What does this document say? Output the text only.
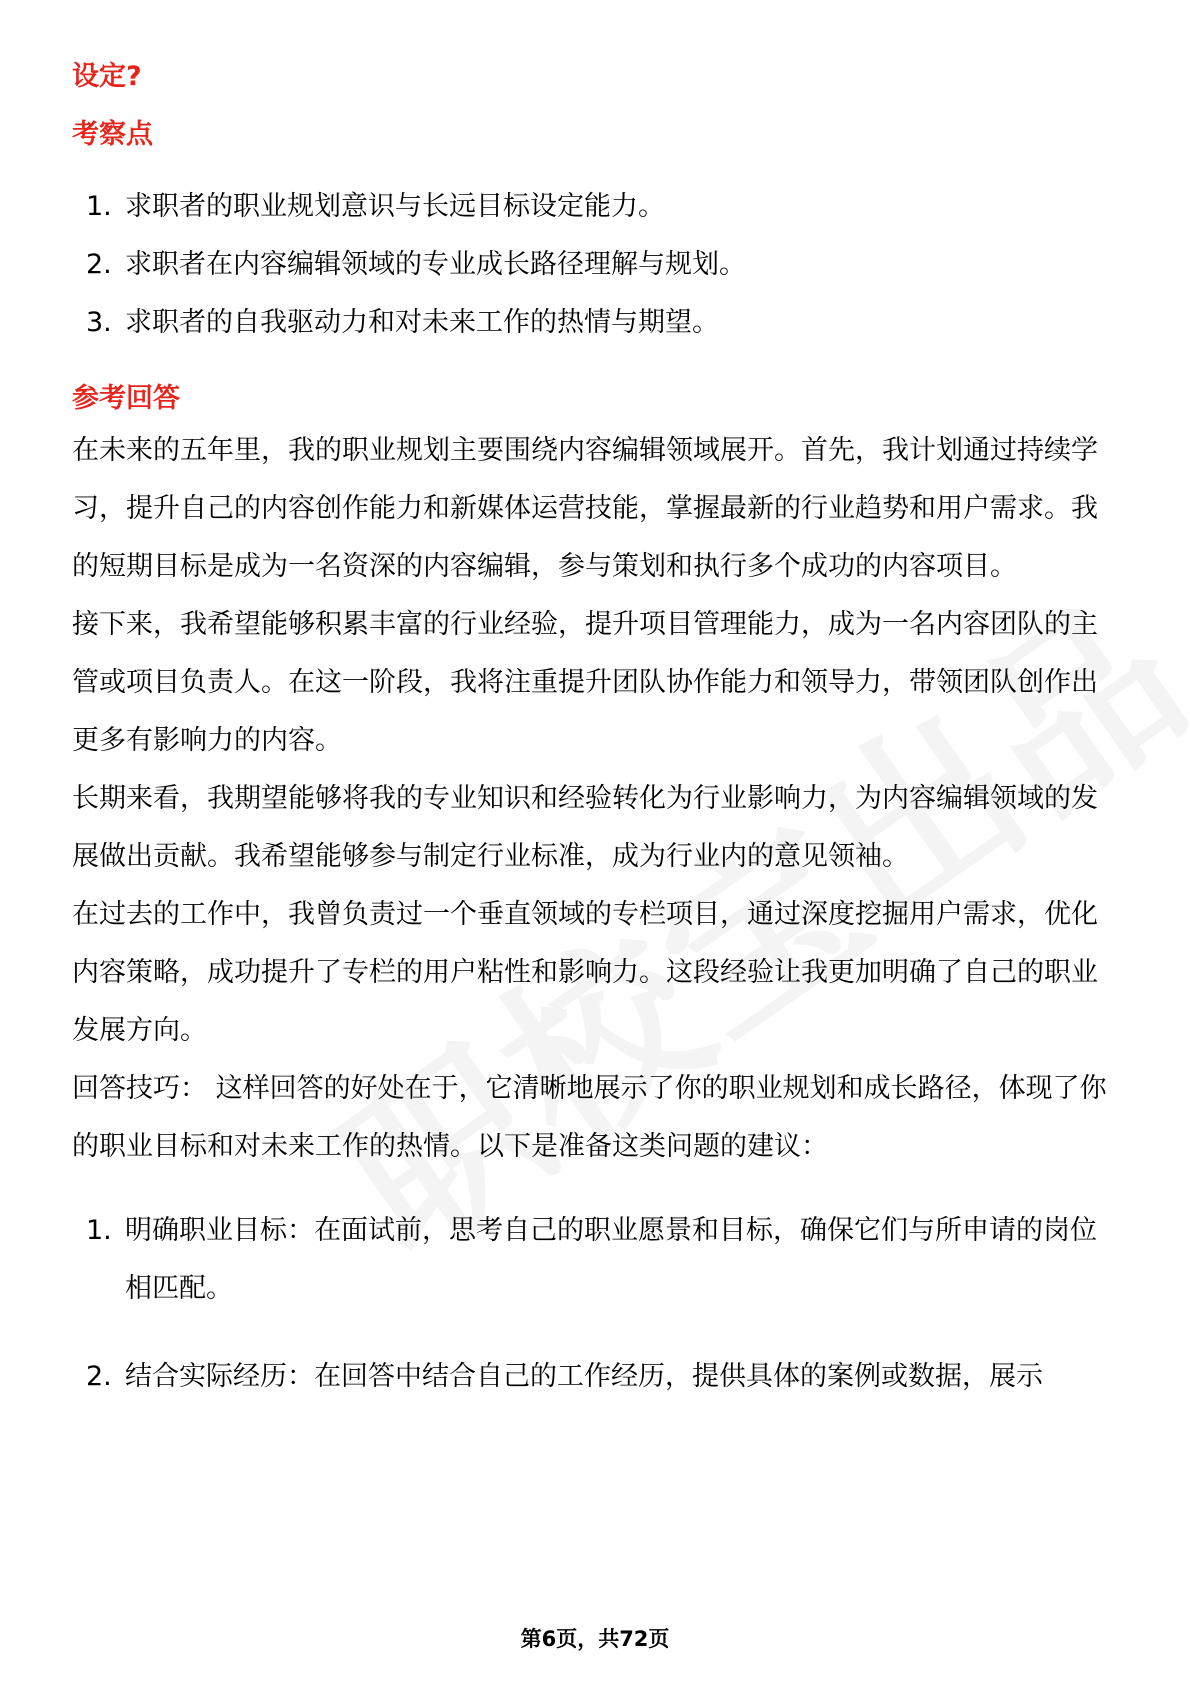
设定?
考察点
1. 求职者的职业规划意识与长远目标设定能力。
2. 求职者在内容编辑领域的专业成长路径理解与规划。
3. 求职者的自我驱动力和对未来工作的热情与期望。
参考回答

在未来的五年里，我的职业规划主要围绕内容编辑领域展开。首先，我计划通过持续学习，提升自己的内容创作能力和新媒体运营技能，掌握最新的行业趋势和用户需求。我的短期目标是成为一名资深的内容编辑，参与策划和执行多个成功的内容项目。

接下来，我希望能够积累丰富的行业经验，提升项目管理能力，成为一名内容团队的主管或项目负责人。在这一阶段，我将注重提升团队协作能力和领导力，带领团队创作出更多有影响力的内容。

长期来看，我期望能够将我的专业知识和经验转化为行业影响力，为内容编辑领域的发展做出贡献。我希望能够参与制定行业标准，成为行业内的意见领袖。

在过去的工作中，我曾负责过一个垂直领域的专栏项目，通过深度挖掘用户需求，优化内容策略，成功提升了专栏的用户粘性和影响力。这段经验让我更加明确了自己的职业发展方向。

回答技巧： 这样回答的好处在于，它清晰地展示了你的职业规划和成长路径，体现了你的职业目标和对未来工作的热情。以下是准备这类问题的建议：

1. 明确职业目标：在面试前，思考自己的职业愿景和目标，确保它们与所申请的岗位相匹配。
2. 结合实际经历：在回答中结合自己的工作经历，提供具体的案例或数据，展示
第6页，共72页
